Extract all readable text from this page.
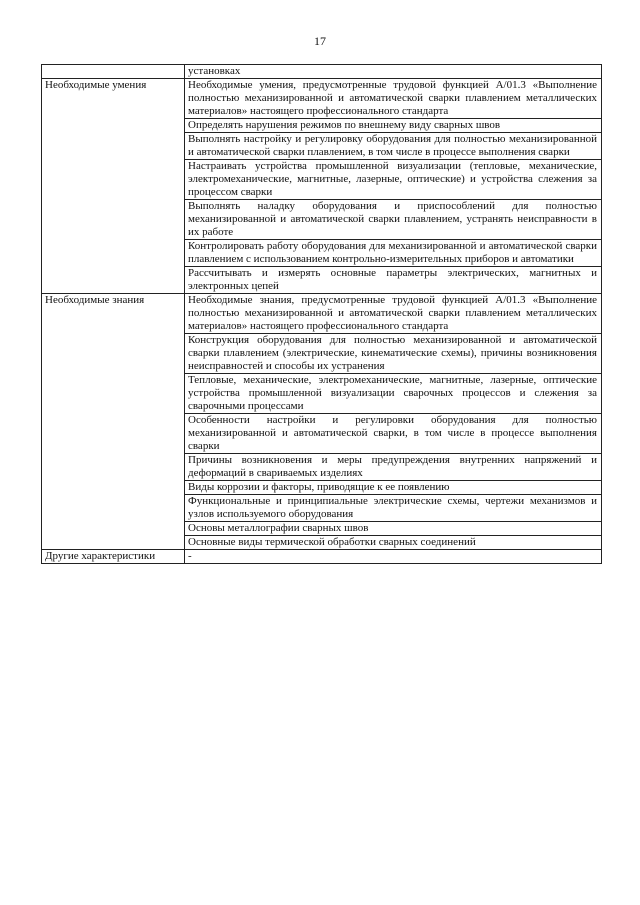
17
	установках
Необходимые умения	Необходимые умения, предусмотренные трудовой функцией А/01.3 «Выполнение полностью механизированной и автоматической сварки плавлением металлических материалов» настоящего профессионального стандарта
	Определять нарушения режимов по внешнему виду сварных швов
	Выполнять настройку и регулировку оборудования для полностью механизированной и автоматической сварки плавлением, в том числе в процессе выполнения сварки
	Настраивать устройства промышленной визуализации (тепловые, механические, электромеханические, магнитные, лазерные, оптические) и устройства слежения за процессом сварки
	Выполнять наладку оборудования и приспособлений для полностью механизированной и автоматической сварки плавлением, устранять неисправности в их работе
	Контролировать работу оборудования для механизированной и автоматической сварки плавлением с использованием контрольно-измерительных приборов и автоматики
	Рассчитывать и измерять основные параметры электрических, магнитных и электронных цепей
Необходимые знания	Необходимые знания, предусмотренные трудовой функцией А/01.3 «Выполнение полностью механизированной и автоматической сварки плавлением металлических материалов» настоящего профессионального стандарта
	Конструкция оборудования для полностью механизированной и автоматической сварки плавлением (электрические, кинематические схемы), причины возникновения неисправностей и способы их устранения
	Тепловые, механические, электромеханические, магнитные, лазерные, оптические устройства промышленной визуализации сварочных процессов и слежения за сварочными процессами
	Особенности настройки и регулировки оборудования для полностью механизированной и автоматической сварки, в том числе в процессе выполнения сварки
	Причины возникновения и меры предупреждения внутренних напряжений и деформаций в свариваемых изделиях
	Виды коррозии и факторы, приводящие к ее появлению
	Функциональные и принципиальные электрические схемы, чертежи механизмов и узлов используемого оборудования
	Основы металлографии сварных швов
	Основные виды термической обработки сварных соединений
Другие характеристики	-
